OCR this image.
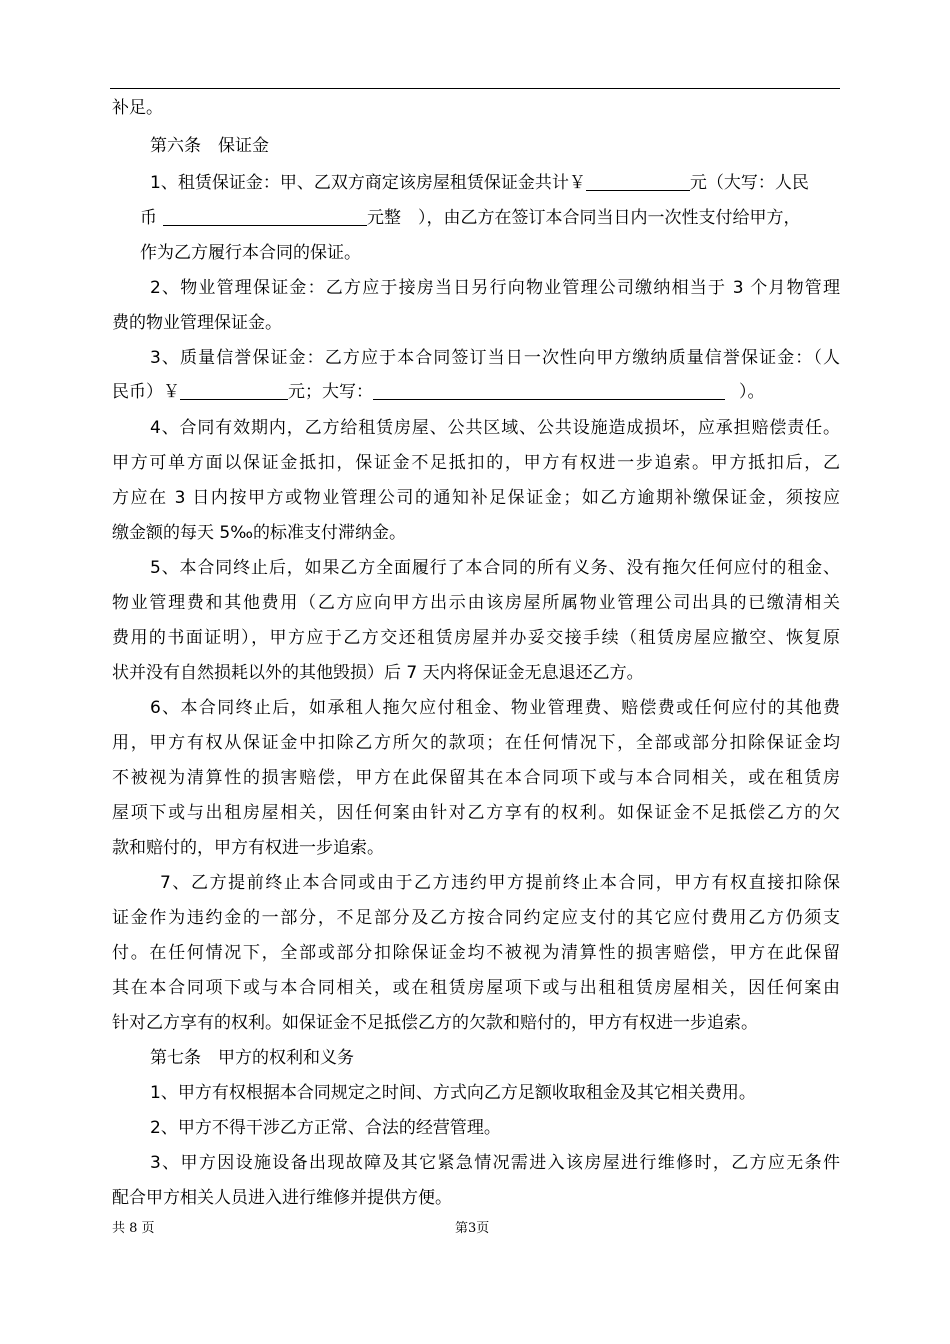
补足。
第六条　保证金
1、租赁保证金：甲、乙双方商定该房屋租赁保证金共计￥	元（大写：人民
币	元整　），由乙方在签订本合同当日内一次性支付给甲方，
作为乙方履行本合同的保证。
2、物业管理保证金：乙方应于接房当日另行向物业管理公司缴纳相当于 3 个月物管理
费的物业管理保证金。
3、质量信誉保证金：乙方应于本合同签订当日一次性向甲方缴纳质量信誉保证金：（人
民币）￥	元；大写：	）。
4、合同有效期内，乙方给租赁房屋、公共区域、公共设施造成损坏，应承担赔偿责任。
甲方可单方面以保证金抵扣，保证金不足抵扣的，甲方有权进一步追索。甲方抵扣后，乙
方应在 3 日内按甲方或物业管理公司的通知补足保证金；如乙方逾期补缴保证金，须按应
缴金额的每天 5‰的标准支付滞纳金。
5、本合同终止后，如果乙方全面履行了本合同的所有义务、没有拖欠任何应付的租金、
物业管理费和其他费用（乙方应向甲方出示由该房屋所属物业管理公司出具的已缴清相关
费用的书面证明），甲方应于乙方交还租赁房屋并办妥交接手续（租赁房屋应撤空、恢复原
状并没有自然损耗以外的其他毁损）后 7 天内将保证金无息退还乙方。
6、本合同终止后，如承租人拖欠应付租金、物业管理费、赔偿费或任何应付的其他费
用，甲方有权从保证金中扣除乙方所欠的款项；在任何情况下，全部或部分扣除保证金均
不被视为清算性的损害赔偿，甲方在此保留其在本合同项下或与本合同相关，或在租赁房
屋项下或与出租房屋相关，因任何案由针对乙方享有的权利。如保证金不足抵偿乙方的欠
款和赔付的，甲方有权进一步追索。
7、乙方提前终止本合同或由于乙方违约甲方提前终止本合同，甲方有权直接扣除保
证金作为违约金的一部分，不足部分及乙方按合同约定应支付的其它应付费用乙方仍须支
付。在任何情况下，全部或部分扣除保证金均不被视为清算性的损害赔偿，甲方在此保留
其在本合同项下或与本合同相关，或在租赁房屋项下或与出租租赁房屋相关，因任何案由
针对乙方享有的权利。如保证金不足抵偿乙方的欠款和赔付的，甲方有权进一步追索。
第七条　甲方的权利和义务
1、甲方有权根据本合同规定之时间、方式向乙方足额收取租金及其它相关费用。
2、甲方不得干涉乙方正常、合法的经营管理。
3、甲方因设施设备出现故障及其它紧急情况需进入该房屋进行维修时，乙方应无条件
配合甲方相关人员进入进行维修并提供方便。
共 8 页	第3页
